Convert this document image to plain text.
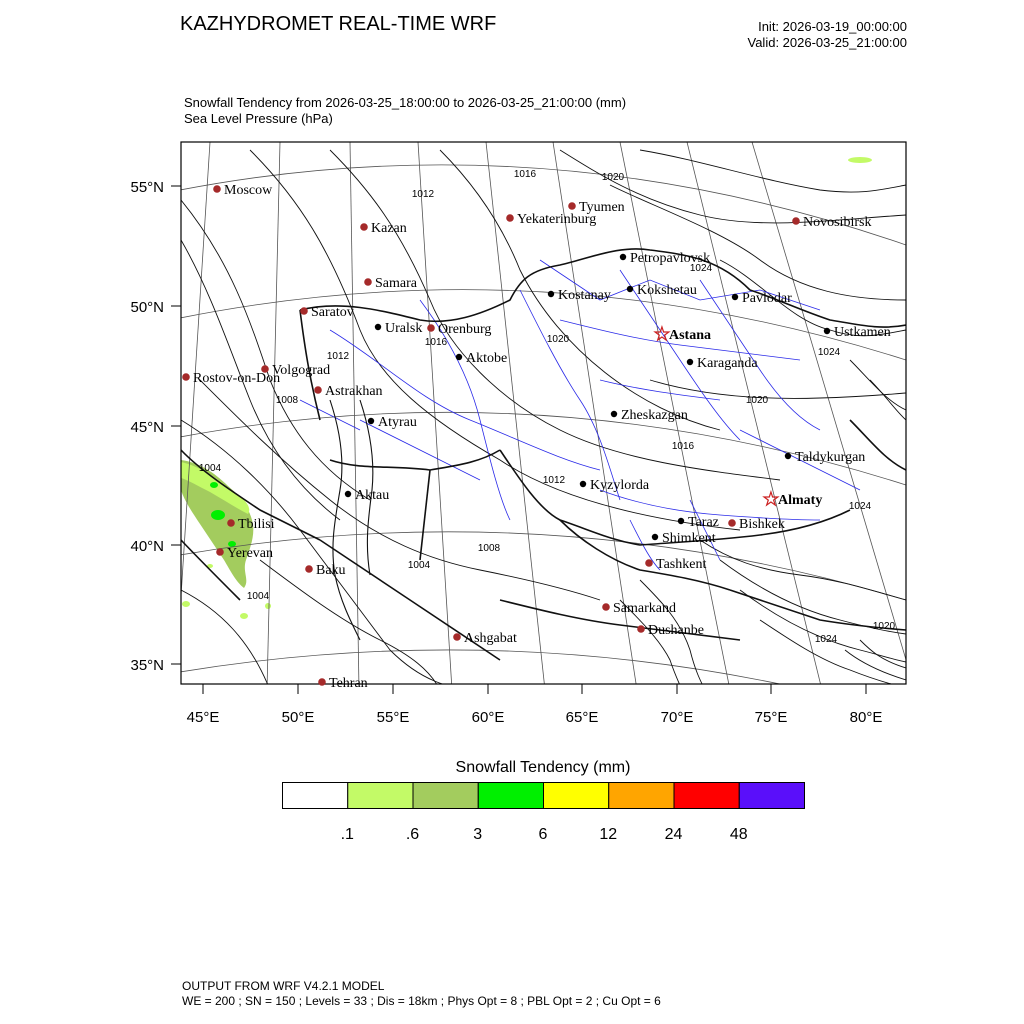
KAZHYDROMET REAL-TIME WRF	Init: 2026-03-19_00:00:00
Valid: 2026-03-25_21:00:00
Snowfall Tendency from 2026-03-25_18:00:00 to 2026-03-25_21:00:00 (mm)
Sea Level Pressure (hPa)
55°N
50°N
45°N
40°N
35°N
45°E	50°E	55°E	60°E	65°E	70°E	75°E	80°E
1012
1016	1020
1024
1016	1020
1012
1008
1024
1020
1016
1012
1004
1008
1004
1004
1024
1024
1020
Moscow
Kazan
Samara
Saratov
Volgograd
Rostov-on-Don
Astrakhan
Orenburg
Yekaterinburg
Tyumen
Novosibirsk
Tbilisi
Yerevan
Baku
Ashgabat
Tehran
Tashkent
Samarkand
Dushanbe
Bishkek
Uralsk
Aktobe
Atyrau
Aktau
Kostanay
Petropavlovsk
Kokshetau
Pavlodar
Ustkamen
Karaganda
Zheskazgan
Kyzylorda
Taldykurgan
Taraz
Shimkent
★
Astana
★
Almaty
Snowfall Tendency (mm)
.1	.6	3	6	12	24	48
OUTPUT FROM WRF V4.2.1 MODEL
WE = 200 ; SN = 150 ; Levels = 33 ; Dis = 18km ; Phys Opt = 8 ; PBL Opt = 2 ; Cu Opt = 6
